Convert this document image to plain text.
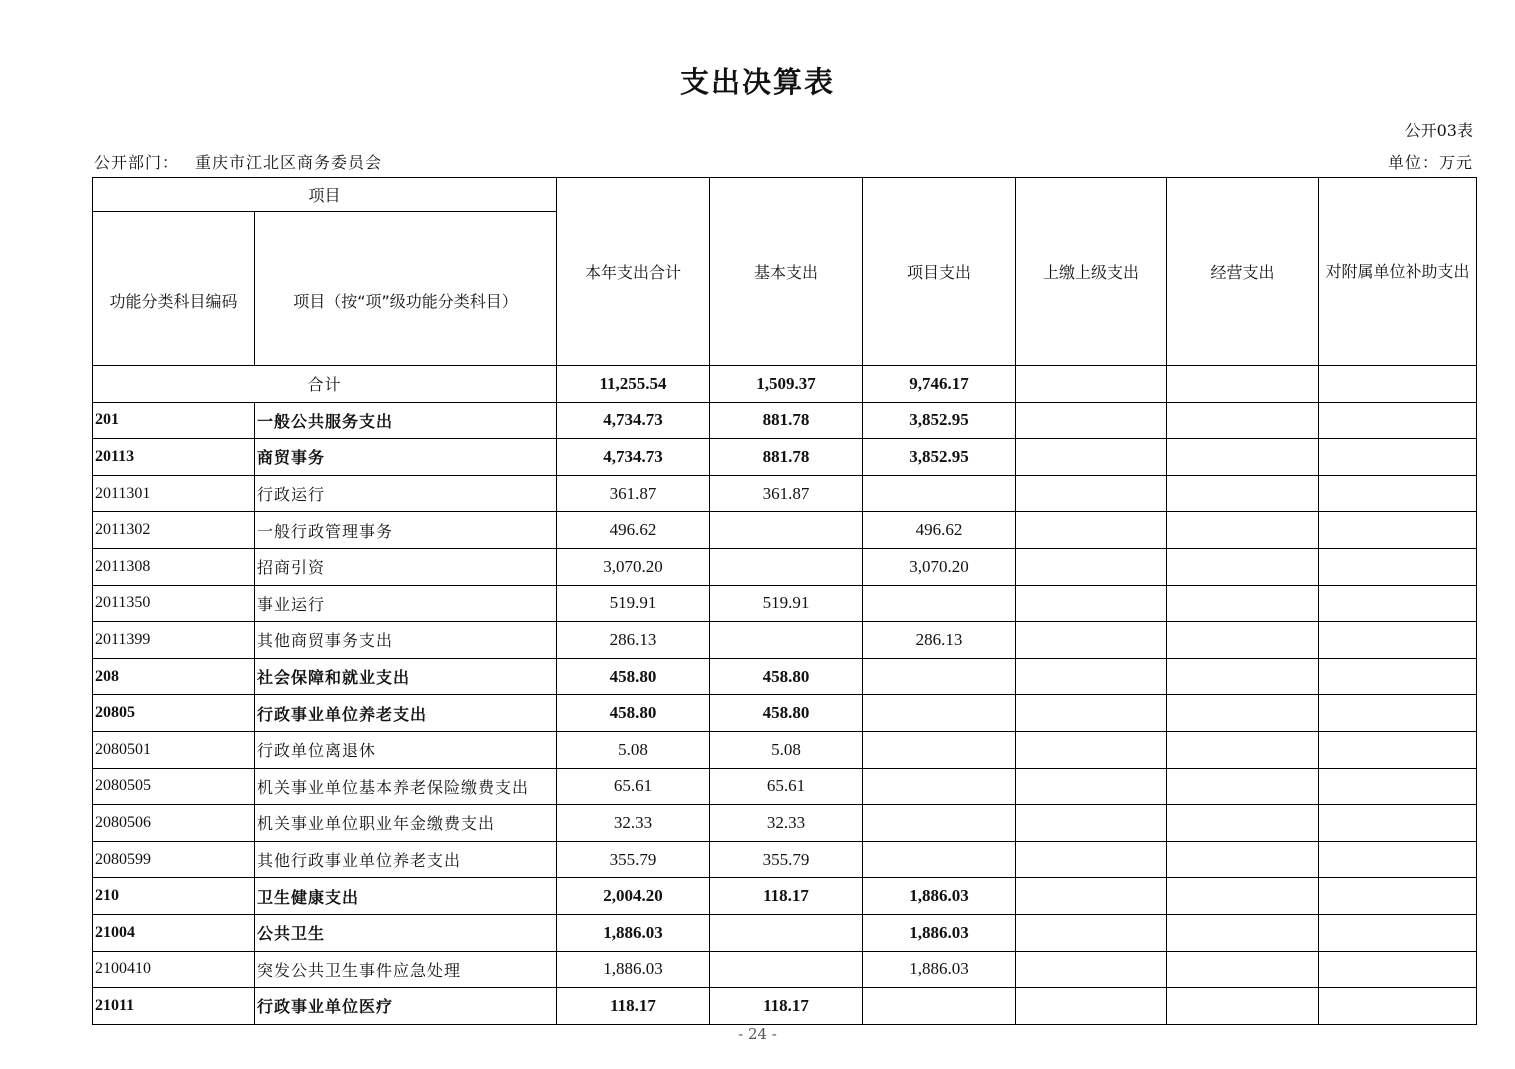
支出决算表
公开03表
公开部门： 重庆市江北区商务委员会	单位：万元
项目		本年支出合计	基本支出	项目支出	上缴上级支出	经营支出	对附属单位补助支出
功能分类科目编码	项目（按“项”级功能分类科目）						
合计		11,255.54	1,509.37	9,746.17			
201	一般公共服务支出	4,734.73	881.78	3,852.95			
20113	商贸事务	4,734.73	881.78	3,852.95			
2011301	行政运行	361.87	361.87				
2011302	一般行政管理事务	496.62		496.62			
2011308	招商引资	3,070.20		3,070.20			
2011350	事业运行	519.91	519.91				
2011399	其他商贸事务支出	286.13		286.13			
208	社会保障和就业支出	458.80	458.80				
20805	行政事业单位养老支出	458.80	458.80				
2080501	行政单位离退休	5.08	5.08				
2080505	机关事业单位基本养老保险缴费支出	65.61	65.61				
2080506	机关事业单位职业年金缴费支出	32.33	32.33				
2080599	其他行政事业单位养老支出	355.79	355.79				
210	卫生健康支出	2,004.20	118.17	1,886.03			
21004	公共卫生	1,886.03		1,886.03			
2100410	突发公共卫生事件应急处理	1,886.03		1,886.03			
21011	行政事业单位医疗	118.17	118.17				
- 24 -
